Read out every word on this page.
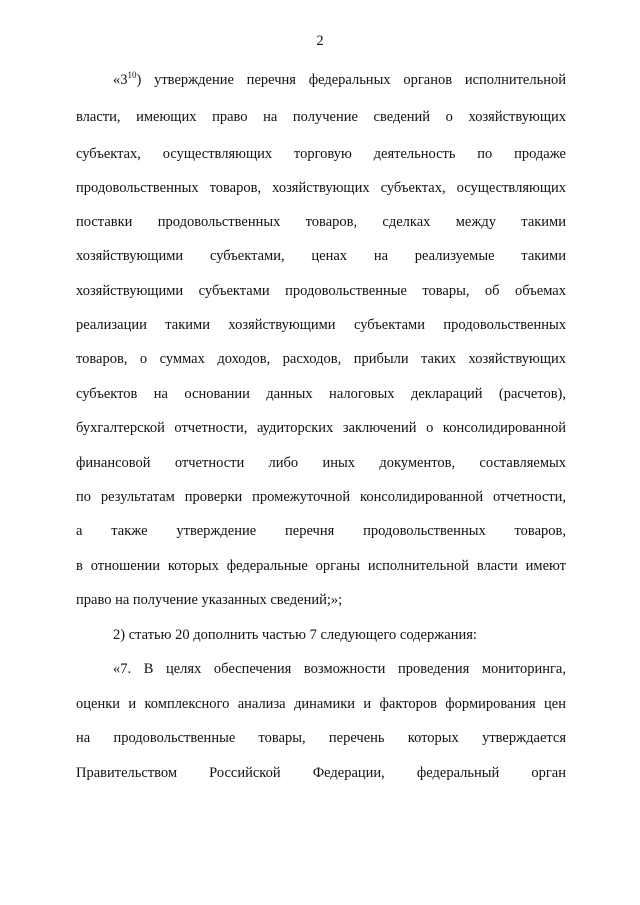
2
«$3^{10}$) утверждение перечня федеральных органов исполнительной
власти, имеющих право на получение сведений о хозяйствующих
субъектах, осуществляющих торговую деятельность по продаже
продовольственных товаров, хозяйствующих субъектах, осуществляющих
поставки продовольственных товаров, сделках между такими
хозяйствующими субъектами, ценах на реализуемые такими
хозяйствующими субъектами продовольственные товары, об объемах
реализации такими хозяйствующими субъектами продовольственных
товаров, о суммах доходов, расходов, прибыли таких хозяйствующих
субъектов на основании данных налоговых деклараций (расчетов),
бухгалтерской отчетности, аудиторских заключений о консолидированной
финансовой отчетности либо иных документов, составляемых
по результатам проверки промежуточной консолидированной отчетности,
а также утверждение перечня продовольственных товаров,
в отношении которых федеральные органы исполнительной власти имеют
право на получение указанных сведений;»;
2) статью 20 дополнить частью 7 следующего содержания:
«7. В целях обеспечения возможности проведения мониторинга,
оценки и комплексного анализа динамики и факторов формирования цен
на продовольственные товары, перечень которых утверждается
Правительством Российской Федерации, федеральный орган
